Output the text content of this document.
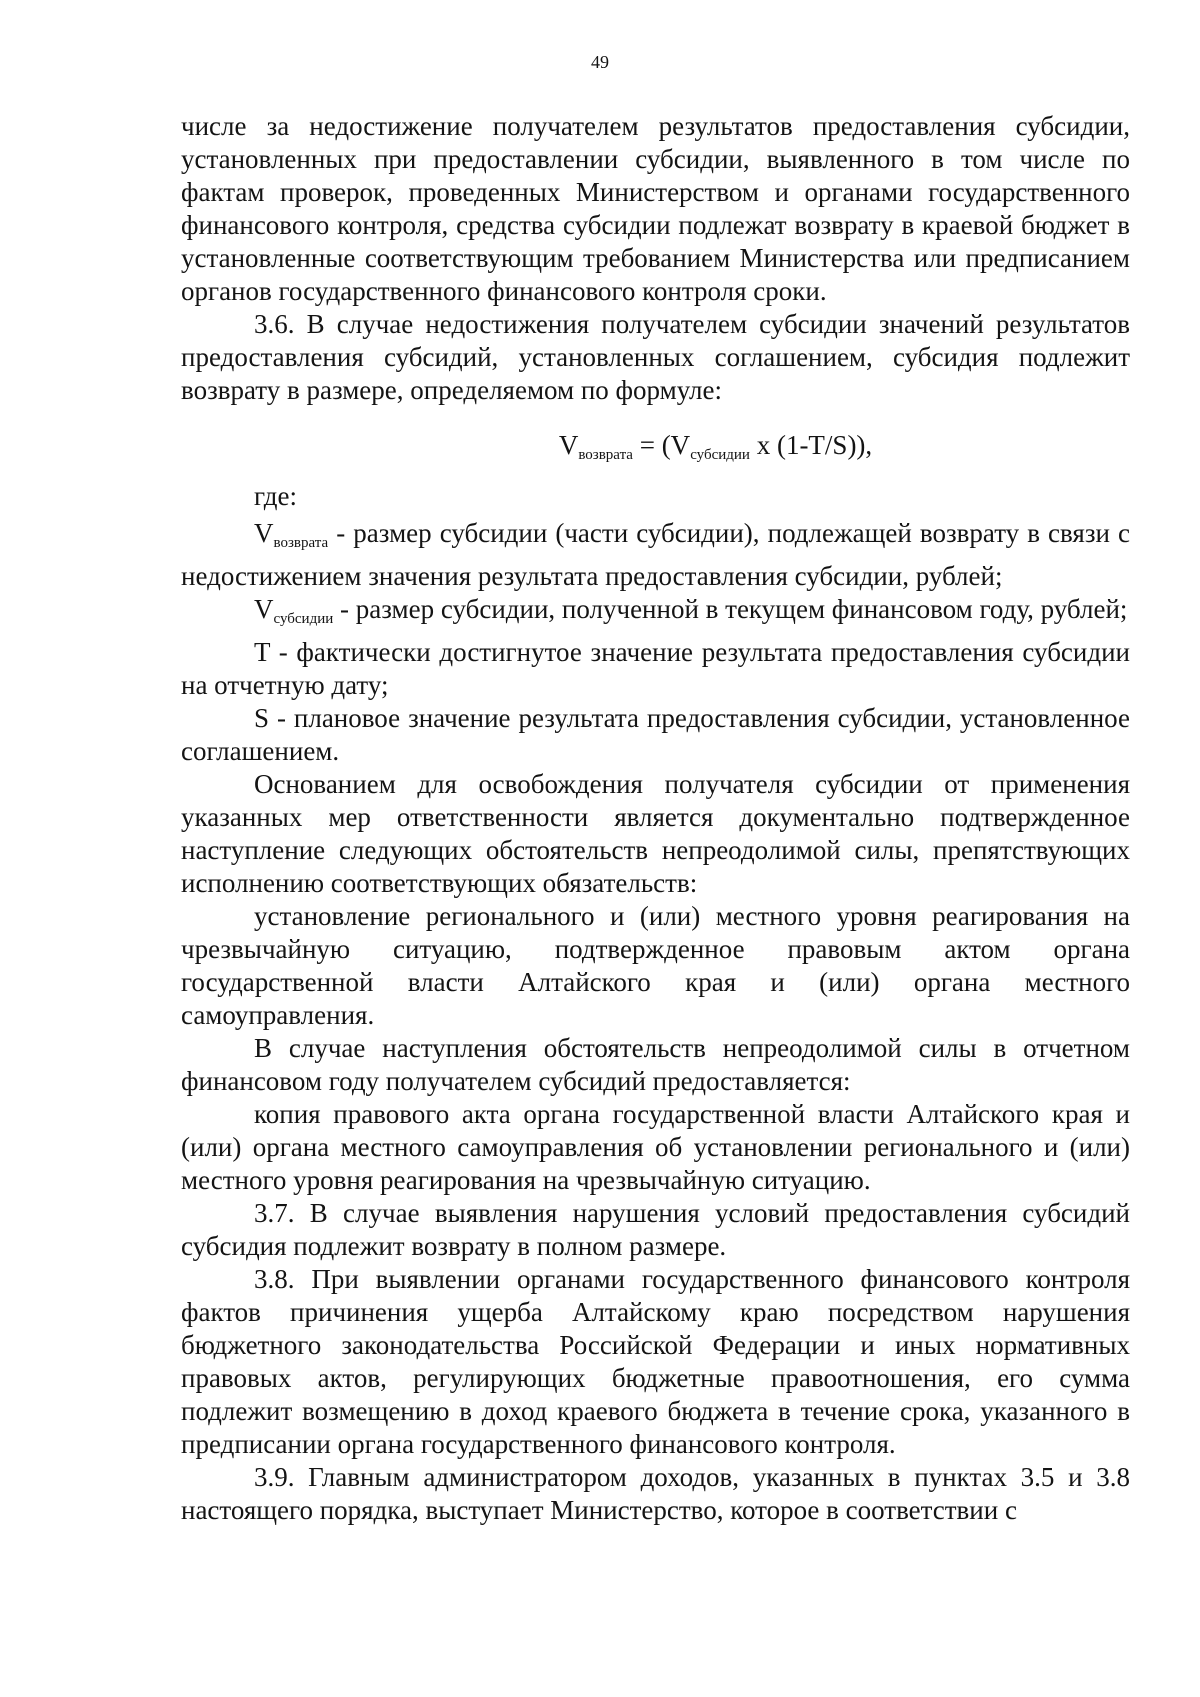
49

числе за недостижение получателем результатов предоставления субсидии, установленных при предоставлении субсидии, выявленного в том числе по фактам проверок, проведенных Министерством и органами государственного финансового контроля, средства субсидии подлежат возврату в краевой бюджет в установленные соответствующим требованием Министерства или предписанием органов государственного финансового контроля сроки.

3.6. В случае недостижения получателем субсидии значений результатов предоставления субсидий, установленных соглашением, субсидия подлежит возврату в размере, определяемом по формуле:

$V_{возврата} = (V_{субсидии}$ x (1-T/S)),

где:

$V_{возврата}$ - размер субсидии (части субсидии), подлежащей возврату в связи с недостижением значения результата предоставления субсидии, рублей;

$V_{субсидии}$ - размер субсидии, полученной в текущем финансовом году, рублей;

T - фактически достигнутое значение результата предоставления субсидии на отчетную дату;

S - плановое значение результата предоставления субсидии, установленное соглашением.

Основанием для освобождения получателя субсидии от применения указанных мер ответственности является документально подтвержденное наступление следующих обстоятельств непреодолимой силы, препятствующих исполнению соответствующих обязательств:

установление регионального и (или) местного уровня реагирования на чрезвычайную ситуацию, подтвержденное правовым актом органа государственной власти Алтайского края и (или) органа местного самоуправления.

В случае наступления обстоятельств непреодолимой силы в отчетном финансовом году получателем субсидий предоставляется:

копия правового акта органа государственной власти Алтайского края и (или) органа местного самоуправления об установлении регионального и (или) местного уровня реагирования на чрезвычайную ситуацию.

3.7. В случае выявления нарушения условий предоставления субсидий субсидия подлежит возврату в полном размере.

3.8. При выявлении органами государственного финансового контроля фактов причинения ущерба Алтайскому краю посредством нарушения бюджетного законодательства Российской Федерации и иных нормативных правовых актов, регулирующих бюджетные правоотношения, его сумма подлежит возмещению в доход краевого бюджета в течение срока, указанного в предписании органа государственного финансового контроля.

3.9. Главным администратором доходов, указанных в пунктах 3.5 и 3.8 настоящего порядка, выступает Министерство, которое в соответствии с
